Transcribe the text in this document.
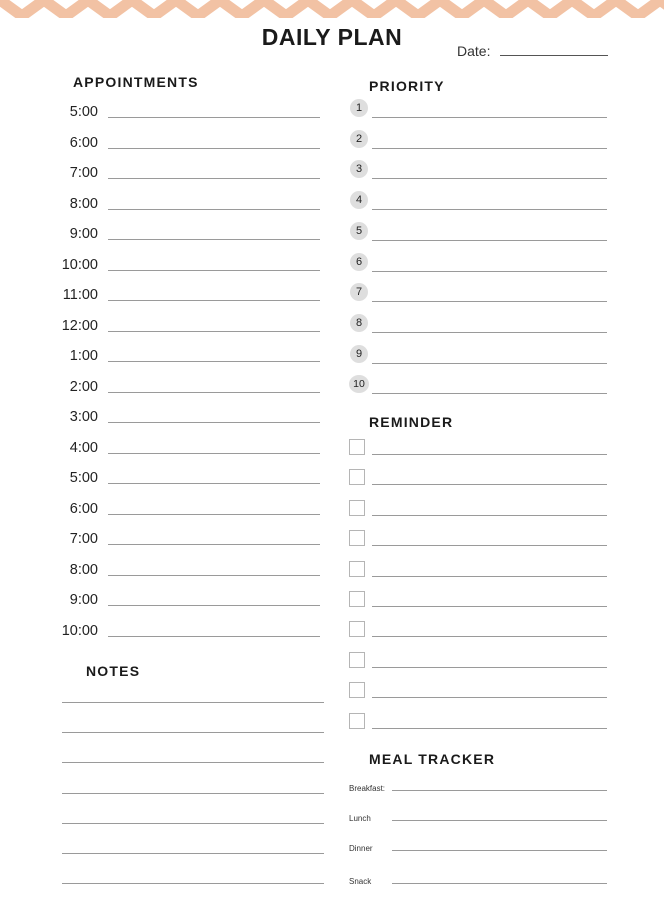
DAILY PLAN
Date:
APPOINTMENTS
5:00
6:00
7:00
8:00
9:00
10:00
11:00
12:00
1:00
2:00
3:00
4:00
5:00
6:00
7:00
8:00
9:00
10:00
NOTES
PRIORITY
1
2
3
4
5
6
7
8
9
10
REMINDER
MEAL TRACKER
Breakfast:
Lunch
Dinner
Snack
